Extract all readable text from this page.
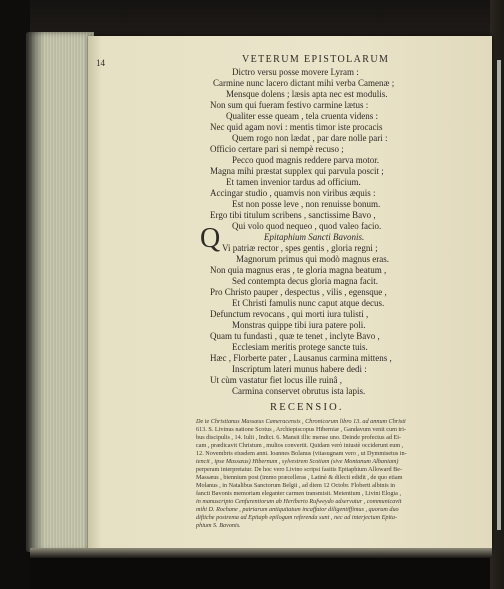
14	VETERUM EPISTOLARUM
Dictro versu posse movere Lyram :
Carmine nunc lacero dictant mihi verba Camenæ ;
Mensque dolens ; læsis apta nec est modulis.
Non sum qui fueram festivo carmine lætus :
Qualiter esse queam , tela cruenta videns :
Nec quid agam novi : mentis timor iste procacis
Quem rogo non lædat , par dare nolle pari :
Officio certare pari si nempè recuso ;
Pecco quod magnis reddere parva motor.
Magna mihi præstat supplex qui parvula poscit ;
Et tamen invenior tardus ad officium.
Accingar studio , quamvis non viribus æquis :
Est non posse leve , non renuisse bonum.
Ergo tibi titulum scribens , sanctissime Bavo ,
Qui volo quod nequeo , quod valeo facio.
Epitaphium Sancti Bavonis.
Q Vi patriæ rector , spes gentis , gloria regni ;
Magnorum primus qui modò magnus eras.
Non quia magnus eras , te gloria magna beatum ,
Sed contempta decus gloria magna facit.
Pro Christo pauper , despectus , vilis , egensque ,
Et Christi famulis nunc caput atque decus.
Defunctum revocans , qui morti iura tulisti ,
Monstras quippe tibi iura patere poli.
Quam tu fundasti , quæ te tenet , inclyte Bavo ,
Ecclesiam meritis protege sancte tuis.
Hæc , Florberte pater , Lausanus carmina mittens ,
Inscriptum lateri munus habere dedi :
Ut cùm vastatur fiet locus ille ruinâ ,
Carmina conservet obrutus ista lapis.
RECENSIO.
De te Christianus Massæus Cameracensis , Chronicorum libro 13. ad annum Christi
613. S. Livinus natione Scotus , Archiepiscopus Hiberniæ , Gandavum venit cum tri-
bus discipulis , 14. Iulii , Indict. 6. Mansit illic mense uno. Deinde profectus ad Ei-
cam , prædicavit Christum , multos convertit. Quidam verò iniustè occiderunt eum ,
12. Novembris eiusdem anni. Ioannes Bolanus (vitasugnam vero , ut Dymmisetus in-
tencit , ipse Massæus) Hibernum , sylvestrem Scotiam (sive Montanum Albaniam)
perperam interpretatur. De hoc vero Livino scripsi fasitis Epitaphium Alloward Be-
Massæus , biennium post (immo præcelleras , Latinè & dilecti edidit , de quo etiam
Molanus , in Natalibus Sanctorum Belgii , ad diem 12 Octobr. Floberti albinis in
fancti Bavonis memoriam eleganter carmen transmisit. Metentium , Livini Elogia ,
in manuscripto Cenfurentiorum ab Heriberto Rufweydo adservatur , communicavit
mihi D. Rochane , patriarum antiquitatum incaffator diligentiffimus , quorum duo
diftiche postrema ad Epitaph epilogum referenda sunt , nec ad interjectum Epita-
phium S. Bavonis.
